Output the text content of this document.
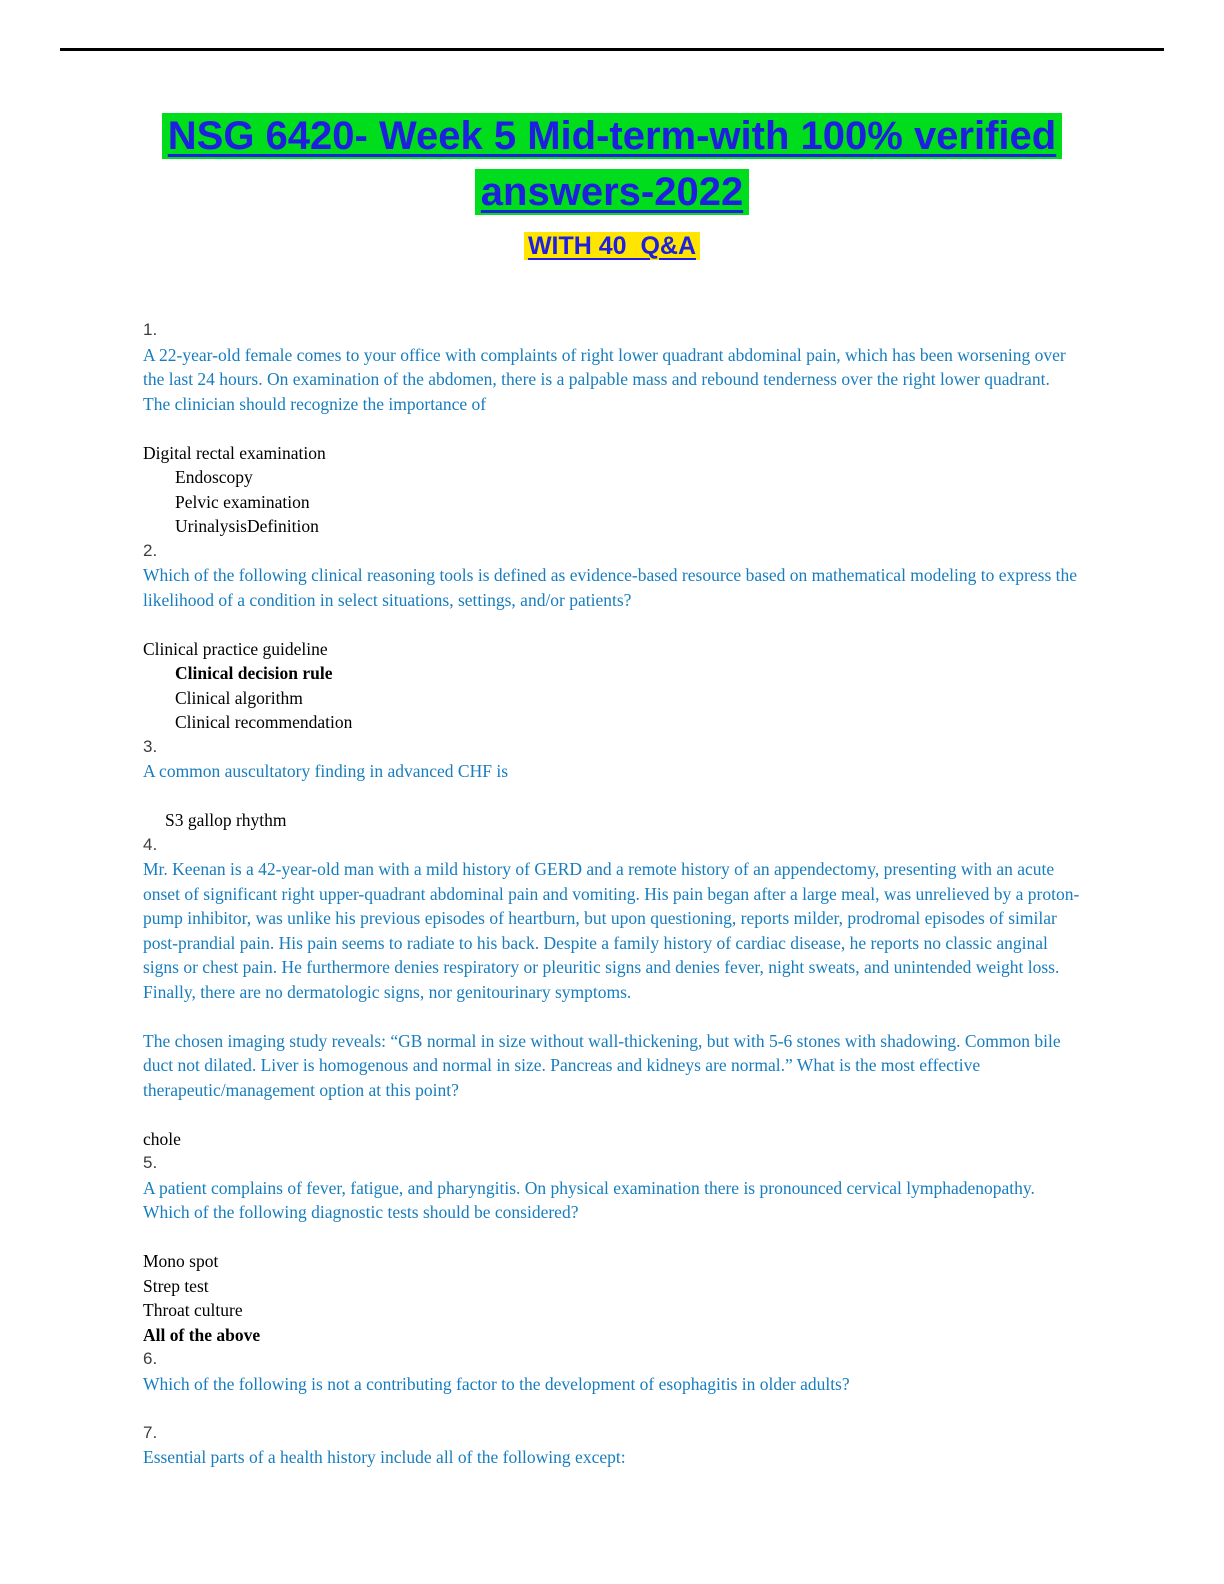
NSG 6420- Week 5 Mid-term-with 100% verified
answers-2022
WITH 40  Q&A
1.

A 22-year-old female comes to your office with complaints of right lower quadrant abdominal pain, which has been worsening over the last 24 hours. On examination of the abdomen, there is a palpable mass and rebound tenderness over the right lower quadrant. The clinician should recognize the importance of

Digital rectal examination
Endoscopy
Pelvic examination
UrinalysisDefinition
2.

Which of the following clinical reasoning tools is defined as evidence-based resource based on mathematical modeling to express the likelihood of a condition in select situations, settings, and/or patients?

Clinical practice guideline
Clinical decision rule
Clinical algorithm
Clinical recommendation
3.

A common auscultatory finding in advanced CHF is

S3 gallop rhythm
4.

Mr. Keenan is a 42-year-old man with a mild history of GERD and a remote history of an appendectomy, presenting with an acute onset of significant right upper-quadrant abdominal pain and vomiting. His pain began after a large meal, was unrelieved by a proton-pump inhibitor, was unlike his previous episodes of heartburn, but upon questioning, reports milder, prodromal episodes of similar post-prandial pain. His pain seems to radiate to his back. Despite a family history of cardiac disease, he reports no classic anginal signs or chest pain. He furthermore denies respiratory or pleuritic signs and denies fever, night sweats, and unintended weight loss. Finally, there are no dermatologic signs, nor genitourinary symptoms.

The chosen imaging study reveals: “GB normal in size without wall-thickening, but with 5-6 stones with shadowing. Common bile duct not dilated. Liver is homogenous and normal in size. Pancreas and kidneys are normal.” What is the most effective therapeutic/management option at this point?

chole
5.

A patient complains of fever, fatigue, and pharyngitis. On physical examination there is pronounced cervical lymphadenopathy. Which of the following diagnostic tests should be considered?

Mono spot
Strep test
Throat culture
All of the above
6.

Which of the following is not a contributing factor to the development of esophagitis in older adults?

7.

Essential parts of a health history include all of the following except:
